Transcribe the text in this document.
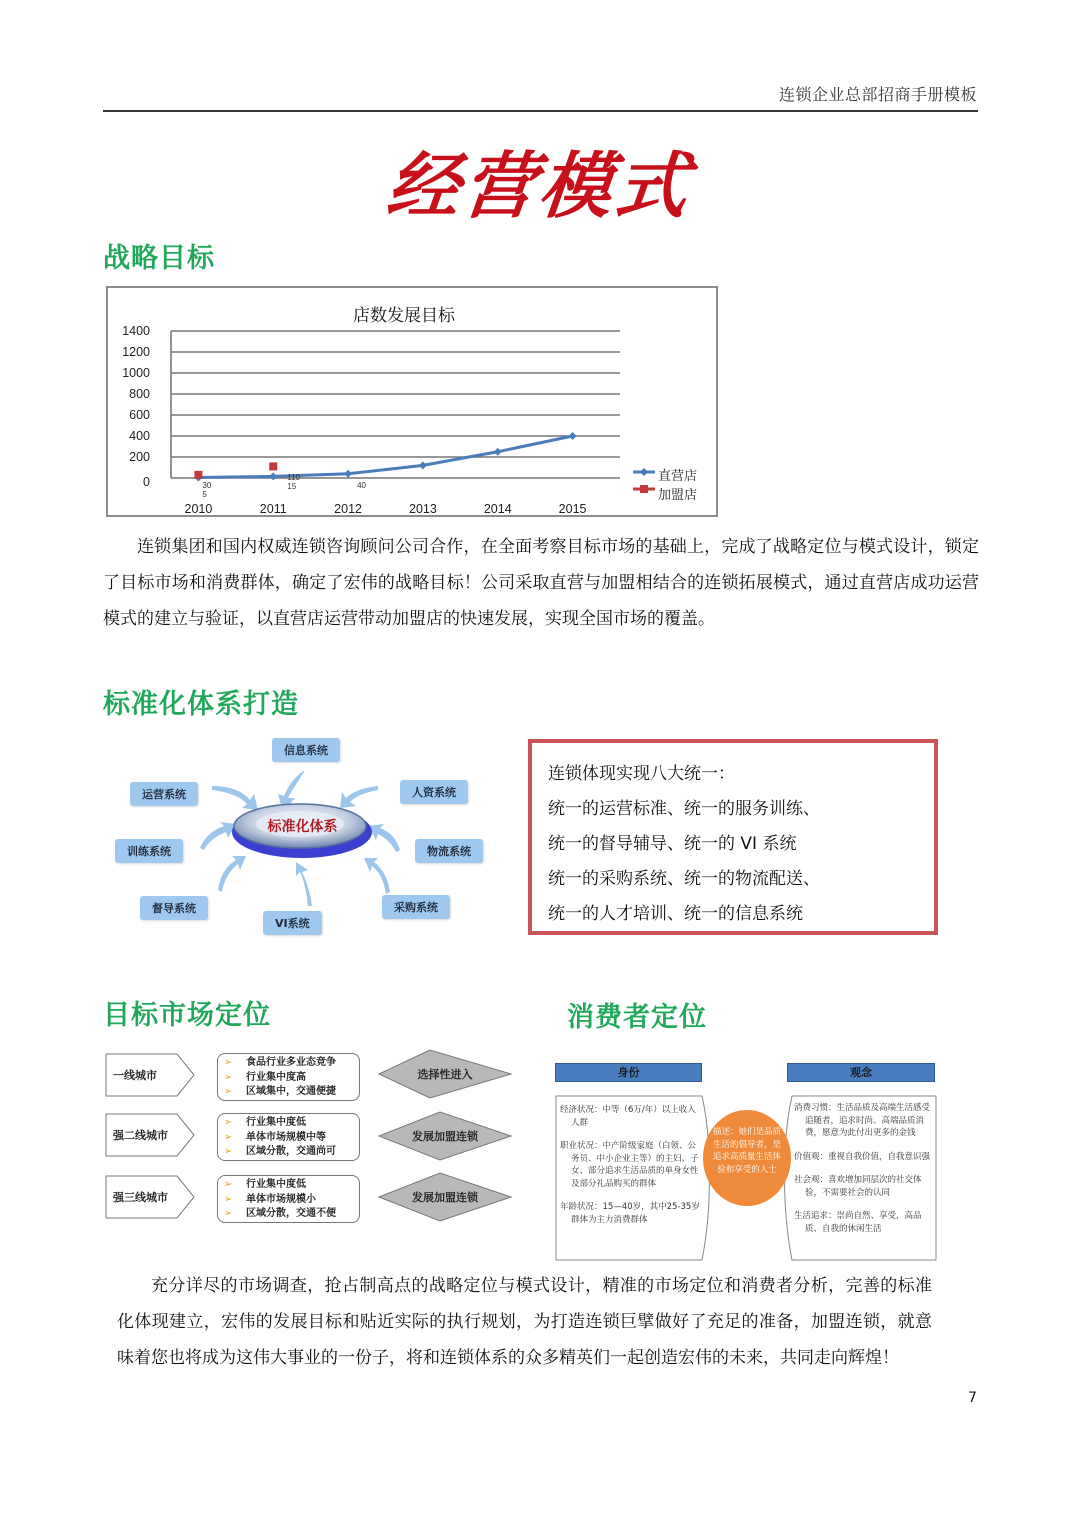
连锁企业总部招商手册模板
经营模式
战略目标
店数发展目标
0
200
400
600
800
1000
1200
1400
2010	2011	2012	2013	2014	2015
30
5
110
15	40
直营店
加盟店

连锁集团和国内权威连锁咨询顾问公司合作，在全面考察目标市场的基础上，完成了战略定位与模式设计，锁定了目标市场和消费群体，确定了宏伟的战略目标！公司采取直营与加盟相结合的连锁拓展模式，通过直营店成功运营模式的建立与验证，以直营店运营带动加盟店的快速发展，实现全国市场的覆盖。

标准化体系打造
标准化体系
信息系统
运营系统	人资系统
训练系统	物流系统
督导系统
VI系统
采购系统
连锁体现实现八大统一：
统一的运营标准、统一的服务训练、
统一的督导辅导、统一的 VI 系统
统一的采购系统、统一的物流配送、
统一的人才培训、统一的信息系统
目标市场定位	消费者定位
一线城市
➢ 食品行业多业态竞争
➢ 行业集中度高
➢ 区域集中，交通便捷
选择性进入
强二线城市
➢ 行业集中度低
➢ 单体市场规模中等
➢ 区域分散，交通尚可
发展加盟连锁
强三线城市
➢ 行业集中度低
➢ 单体市场规模小
➢ 区域分散，交通不便
发展加盟连锁
身份	观念

经济状况：中等（6万/年）以上收入人群

职业状况：中产阶级家庭（白领、公务员、中小企业主等）的主妇、子女、部分追求生活品质的单身女性及部分礼品购买的群体

年龄状况：15—40岁，其中25-35岁群体为主力消费群体

描述：她们是品质生活的倡导者，是追求高质量生活体验和享受的人士

消费习惯：生活品质及高端生活感受追随者，追求时尚、高端品质消费，愿意为此付出更多的金钱

价值观：重视自我价值，自我意识强

社会观：喜欢增加同层次的社交体验，不需要社会的认同

生活追求：崇尚自然、享受，高品质、自我的休闲生活

充分详尽的市场调查，抢占制高点的战略定位与模式设计，精准的市场定位和消费者分析，完善的标准化体现建立，宏伟的发展目标和贴近实际的执行规划，为打造连锁巨擘做好了充足的准备，加盟连锁，就意味着您也将成为这伟大事业的一份子，将和连锁体系的众多精英们一起创造宏伟的未来，共同走向辉煌！

7
